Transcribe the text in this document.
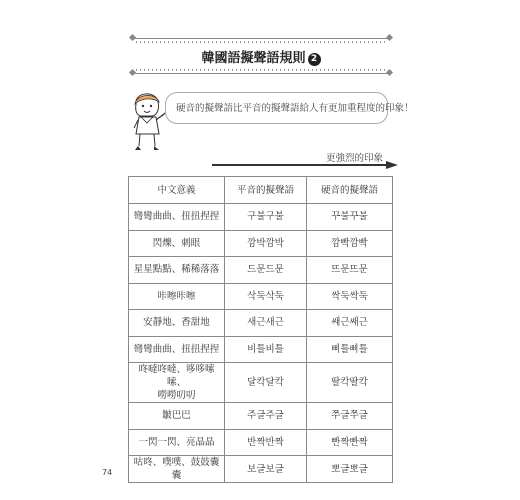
韓國語擬聲語規則 2
硬音的擬聲語比平音的擬聲語給人有更加重程度的印象！
更強烈的印象
中文意義	平音的擬聲語	硬音的擬聲語
彎彎曲曲、扭扭捏捏	구불구불	꾸불꾸불
閃爍、刺眼	깜박깜박	깜빡깜빡
星星點點、稀稀落落	드문드문	뜨문뜨문
咔嚓咔嚓	삭둑삭둑	싹둑싹둑
安靜地、香甜地	새근새근	쌔근쌔근
彎彎曲曲、扭扭捏捏	비틀비틀	삐틀삐틀
咚噠咚噠、哆哆嗦嗦、
嘮嘮叨叨	달칵달칵	딸칵딸칵
皺巴巴	주글주글	쭈글쭈글
一閃一閃、亮晶晶	반짝반짝	빤짝빤짝
咕咚、噗噗、鼓鼓囊囊	보글보글	뽀글뽀글
74
